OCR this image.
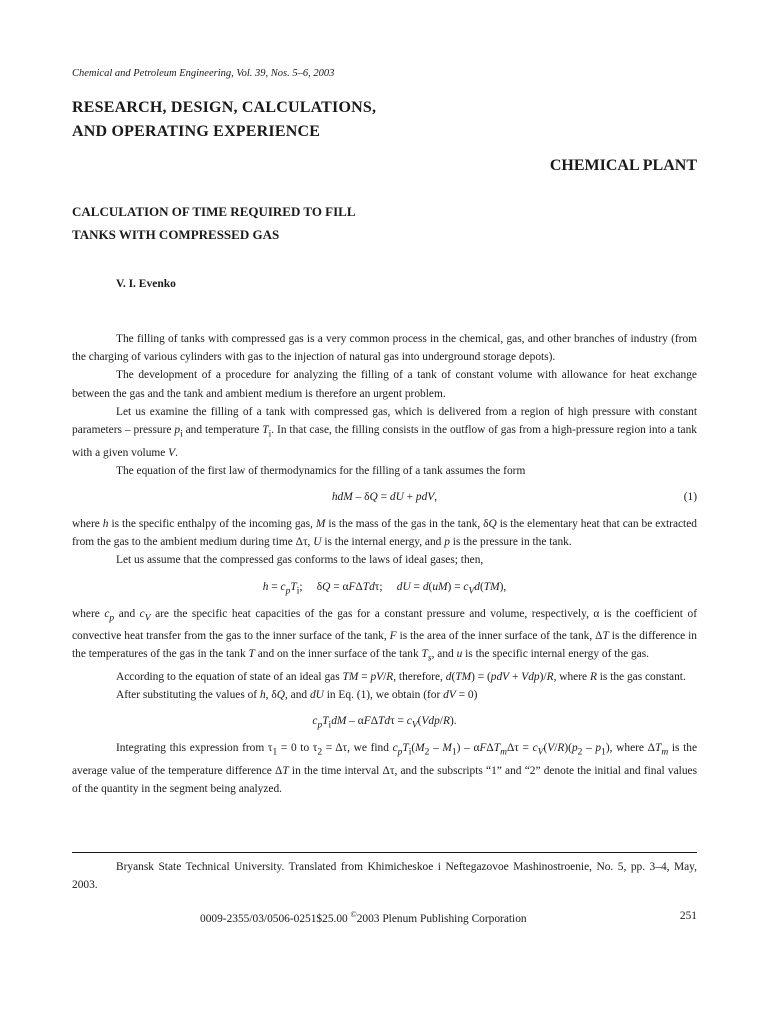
Chemical and Petroleum Engineering, Vol. 39, Nos. 5–6, 2003
RESEARCH, DESIGN, CALCULATIONS,
AND OPERATING EXPERIENCE
CHEMICAL PLANT
CALCULATION OF TIME REQUIRED TO FILL
TANKS WITH COMPRESSED GAS
V. I. Evenko

The filling of tanks with compressed gas is a very common process in the chemical, gas, and other branches of industry (from the charging of various cylinders with gas to the injection of natural gas into underground storage depots).

The development of a procedure for analyzing the filling of a tank of constant volume with allowance for heat exchange between the gas and the tank and ambient medium is therefore an urgent problem.

Let us examine the filling of a tank with compressed gas, which is delivered from a region of high pressure with constant parameters – pressure $p_i$ and temperature $T_i$. In that case, the filling consists in the outflow of gas from a high-pressure region into a tank with a given volume V.

The equation of the first law of thermodynamics for the filling of a tank assumes the form

hdM – δQ = dU + pdV,	(1)

where h is the specific enthalpy of the incoming gas, M is the mass of the gas in the tank, δQ is the elementary heat that can be extracted from the gas to the ambient medium during time Δτ, U is the internal energy, and p is the pressure in the tank.

Let us assume that the compressed gas conforms to the laws of ideal gases; then,

$h = c_pT_i$;     δQ = αFΔTdτ;     dU = $d(uM) = c_Vd(TM)$,

where $c_p$ and $c_V$ are the specific heat capacities of the gas for a constant pressure and volume, respectively, α is the coefficient of convective heat transfer from the gas to the inner surface of the tank, F is the area of the inner surface of the tank, ΔT is the difference in the temperatures of the gas in the tank T and on the inner surface of the tank $T_s$, and u is the specific internal energy of the gas.

According to the equation of state of an ideal gas TM = pV/R, therefore, d(TM) = (pdV + Vdp)/R, where R is the gas constant.

After substituting the values of h, δQ, and dU in Eq. (1), we obtain (for dV = 0)

$c_pT_idM - \alpha F\Delta Td\tau = c_V(Vdp/R)$.

Integrating this expression from $\tau_1 = 0$ to $\tau_2 = \Delta\tau$, we find $c_pT_i(M_2 - M_1) - \alpha F\Delta T_m\Delta\tau = c_V(V/R)(p_2 - p_1)$, where $\Delta T_m$ is the average value of the temperature difference ΔT in the time interval Δτ, and the subscripts “1” and “2” denote the initial and final values of the quantity in the segment being analyzed.

Bryansk State Technical University. Translated from Khimicheskoe i Neftegazovoe Mashinostroenie, No. 5, pp. 3–4, May, 2003.
0009-2355/03/0506-0251$25.00 ©2003 Plenum Publishing Corporation	251
